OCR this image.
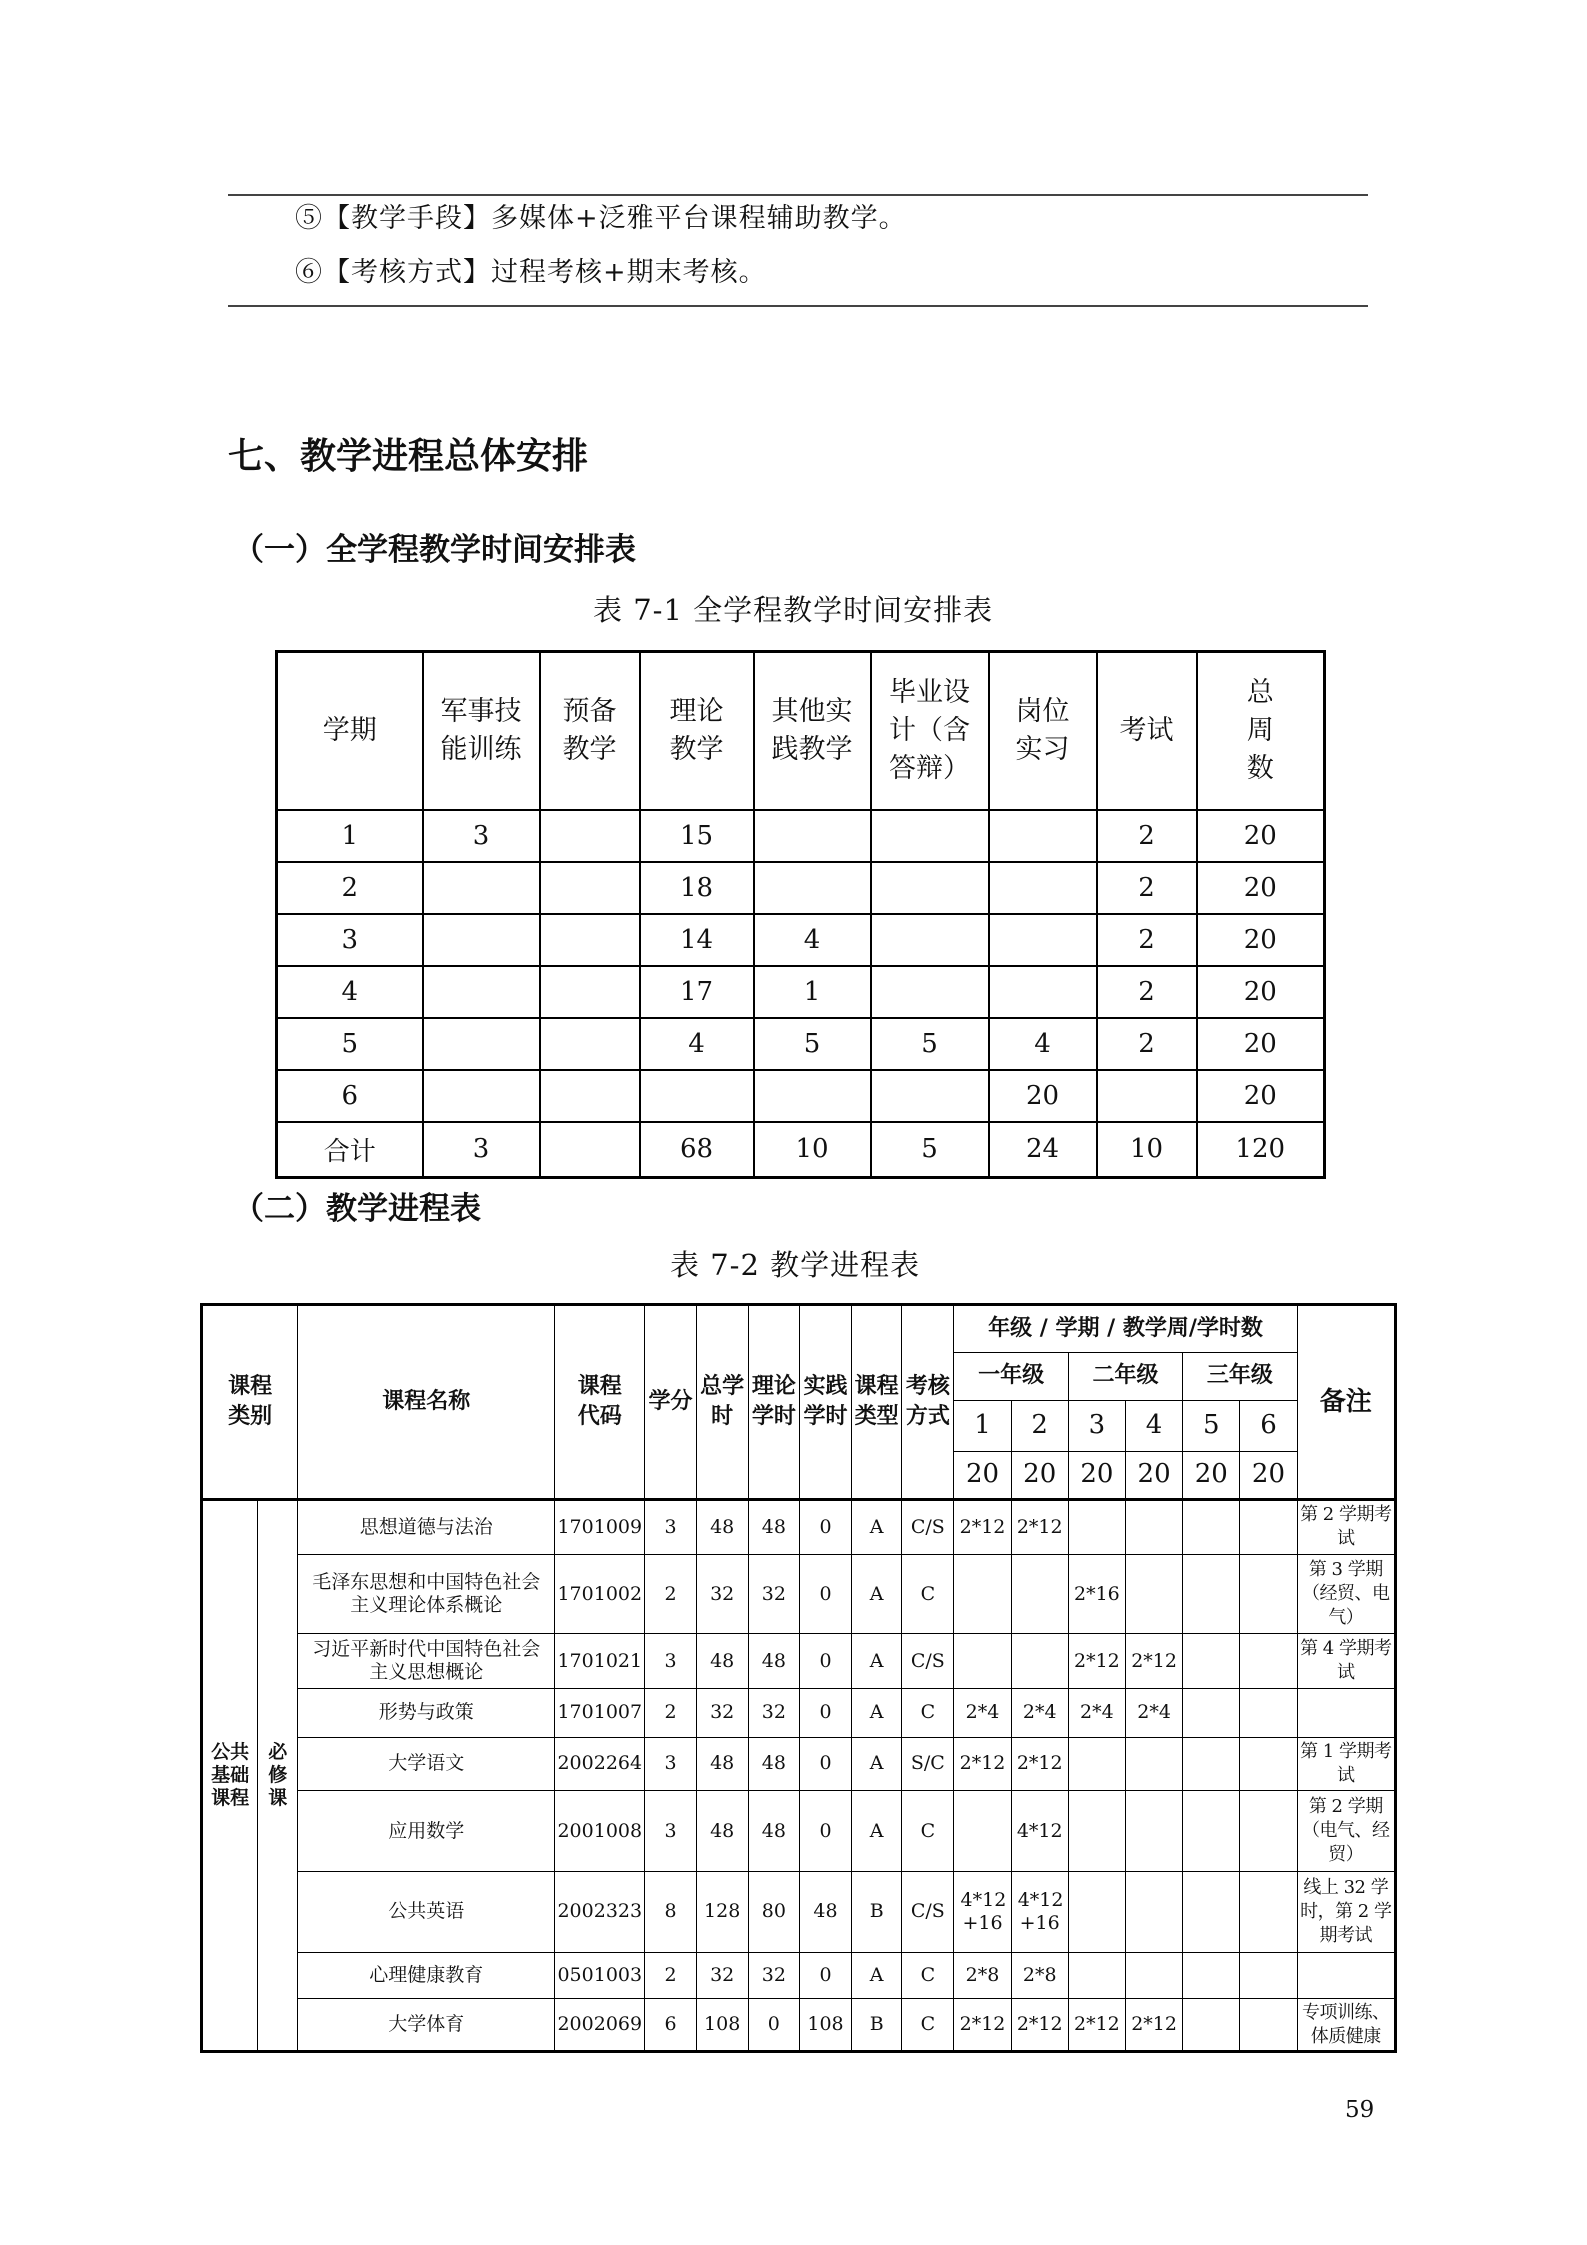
⑤【教学手段】多媒体+泛雅平台课程辅助教学。
⑥【考核方式】过程考核+期末考核。
七、教学进程总体安排
（一）全学程教学时间安排表
表 7-1 全学程教学时间安排表
学期	军事技能训练	预备教学	理论教学	其他实践教学	毕业设计（含答辩）	岗位实习	考试	总周数

1	3		15				2	20
2			18				2	20
3			14	4			2	20
4			17	1			2	20
5			4	5	5	4	2	20
6						20		20
合计	3		68	10	5	24	10	120
（二）教学进程表
表 7-2 教学进程表
课程类别		课程名称	课程代码	学分	总学时	理论学时	实践学时	课程类型	考核方式	年级 / 学期 / 教学周/学时数						备注
										一年级		二年级		三年级		
										1	2	3	4	5	6	
										20	20	20	20	20	20	

公共基础课程	必修课	思想道德与法治	1701009	3	48	48	0	A	C/S	2*12	2*12					第 2 学期考试

		毛泽东思想和中国特色社会主义理论体系概论	1701002	2	32	32	0	A	C			2*16				第 3 学期（经贸、电气）

		习近平新时代中国特色社会主义思想概论	1701021	3	48	48	0	A	C/S			2*12	2*12			第 4 学期考试
		形势与政策	1701007	2	32	32	0	A	C	2*4	2*4	2*4	2*4			
		大学语文	2002264	3	48	48	0	A	S/C	2*12	2*12					第 1 学期考试
		应用数学	2001008	3	48	48	0	A	C		4*12					第 2 学期（电气、经贸）
		公共英语	2002323	8	128	80	48	B	C/S	4*12 +16	4*12 +16					线上 32 学时，第 2 学期考试
		心理健康教育	0501003	2	32	32	0	A	C	2*8	2*8					
		大学体育	2002069	6	108	0	108	B	C	2*12	2*12	2*12	2*12			专项训练、体质健康
59
